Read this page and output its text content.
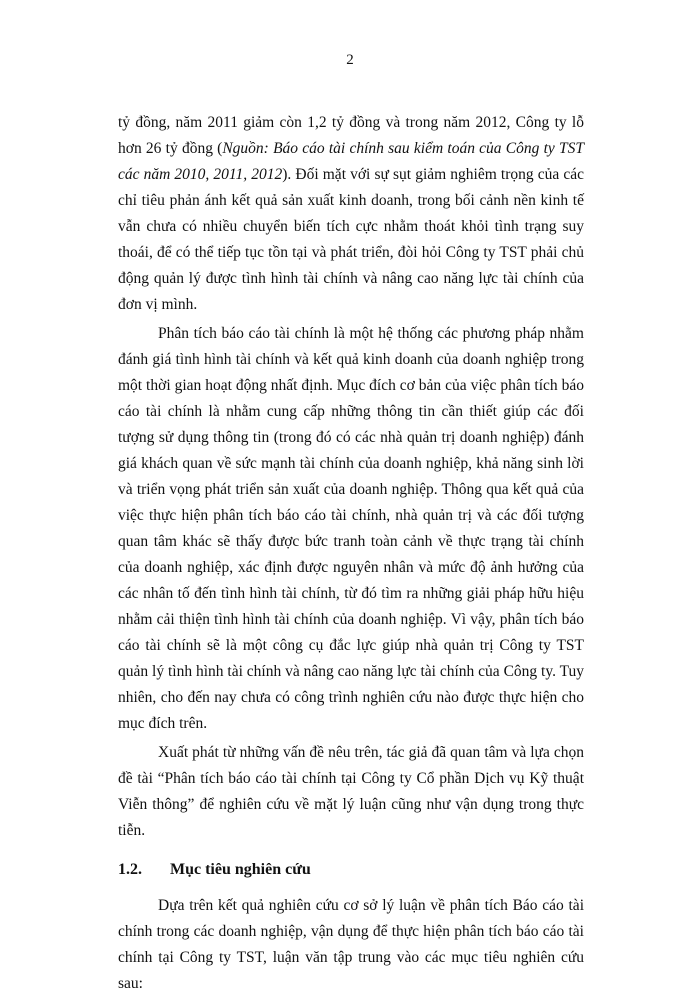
2

tỷ đồng, năm 2011 giảm còn 1,2 tỷ đồng và trong năm 2012, Công ty lỗ hơn 26 tỷ đồng (Nguồn: Báo cáo tài chính sau kiểm toán của Công ty TST các năm 2010, 2011, 2012). Đối mặt với sự sụt giảm nghiêm trọng của các chỉ tiêu phản ánh kết quả sản xuất kinh doanh, trong bối cảnh nền kinh tế vẫn chưa có nhiều chuyển biến tích cực nhằm thoát khỏi tình trạng suy thoái, để có thể tiếp tục tồn tại và phát triển, đòi hỏi Công ty TST phải chủ động quản lý được tình hình tài chính và nâng cao năng lực tài chính của đơn vị mình.

Phân tích báo cáo tài chính là một hệ thống các phương pháp nhằm đánh giá tình hình tài chính và kết quả kinh doanh của doanh nghiệp trong một thời gian hoạt động nhất định. Mục đích cơ bản của việc phân tích báo cáo tài chính là nhằm cung cấp những thông tin cần thiết giúp các đối tượng sử dụng thông tin (trong đó có các nhà quản trị doanh nghiệp) đánh giá khách quan về sức mạnh tài chính của doanh nghiệp, khả năng sinh lời và triển vọng phát triển sản xuất của doanh nghiệp. Thông qua kết quả của việc thực hiện phân tích báo cáo tài chính, nhà quản trị và các đối tượng quan tâm khác sẽ thấy được bức tranh toàn cảnh về thực trạng tài chính của doanh nghiệp, xác định được nguyên nhân và mức độ ảnh hưởng của các nhân tố đến tình hình tài chính, từ đó tìm ra những giải pháp hữu hiệu nhằm cải thiện tình hình tài chính của doanh nghiệp. Vì vậy, phân tích báo cáo tài chính sẽ là một công cụ đắc lực giúp nhà quản trị Công ty TST quản lý tình hình tài chính và nâng cao năng lực tài chính của Công ty. Tuy nhiên, cho đến nay chưa có công trình nghiên cứu nào được thực hiện cho mục đích trên.

Xuất phát từ những vấn đề nêu trên, tác giả đã quan tâm và lựa chọn đề tài “Phân tích báo cáo tài chính tại Công ty Cổ phần Dịch vụ Kỹ thuật Viễn thông” để nghiên cứu về mặt lý luận cũng như vận dụng trong thực tiễn.

1.2. Mục tiêu nghiên cứu

Dựa trên kết quả nghiên cứu cơ sở lý luận về phân tích Báo cáo tài chính trong các doanh nghiệp, vận dụng để thực hiện phân tích báo cáo tài chính tại Công ty TST, luận văn tập trung vào các mục tiêu nghiên cứu sau:
